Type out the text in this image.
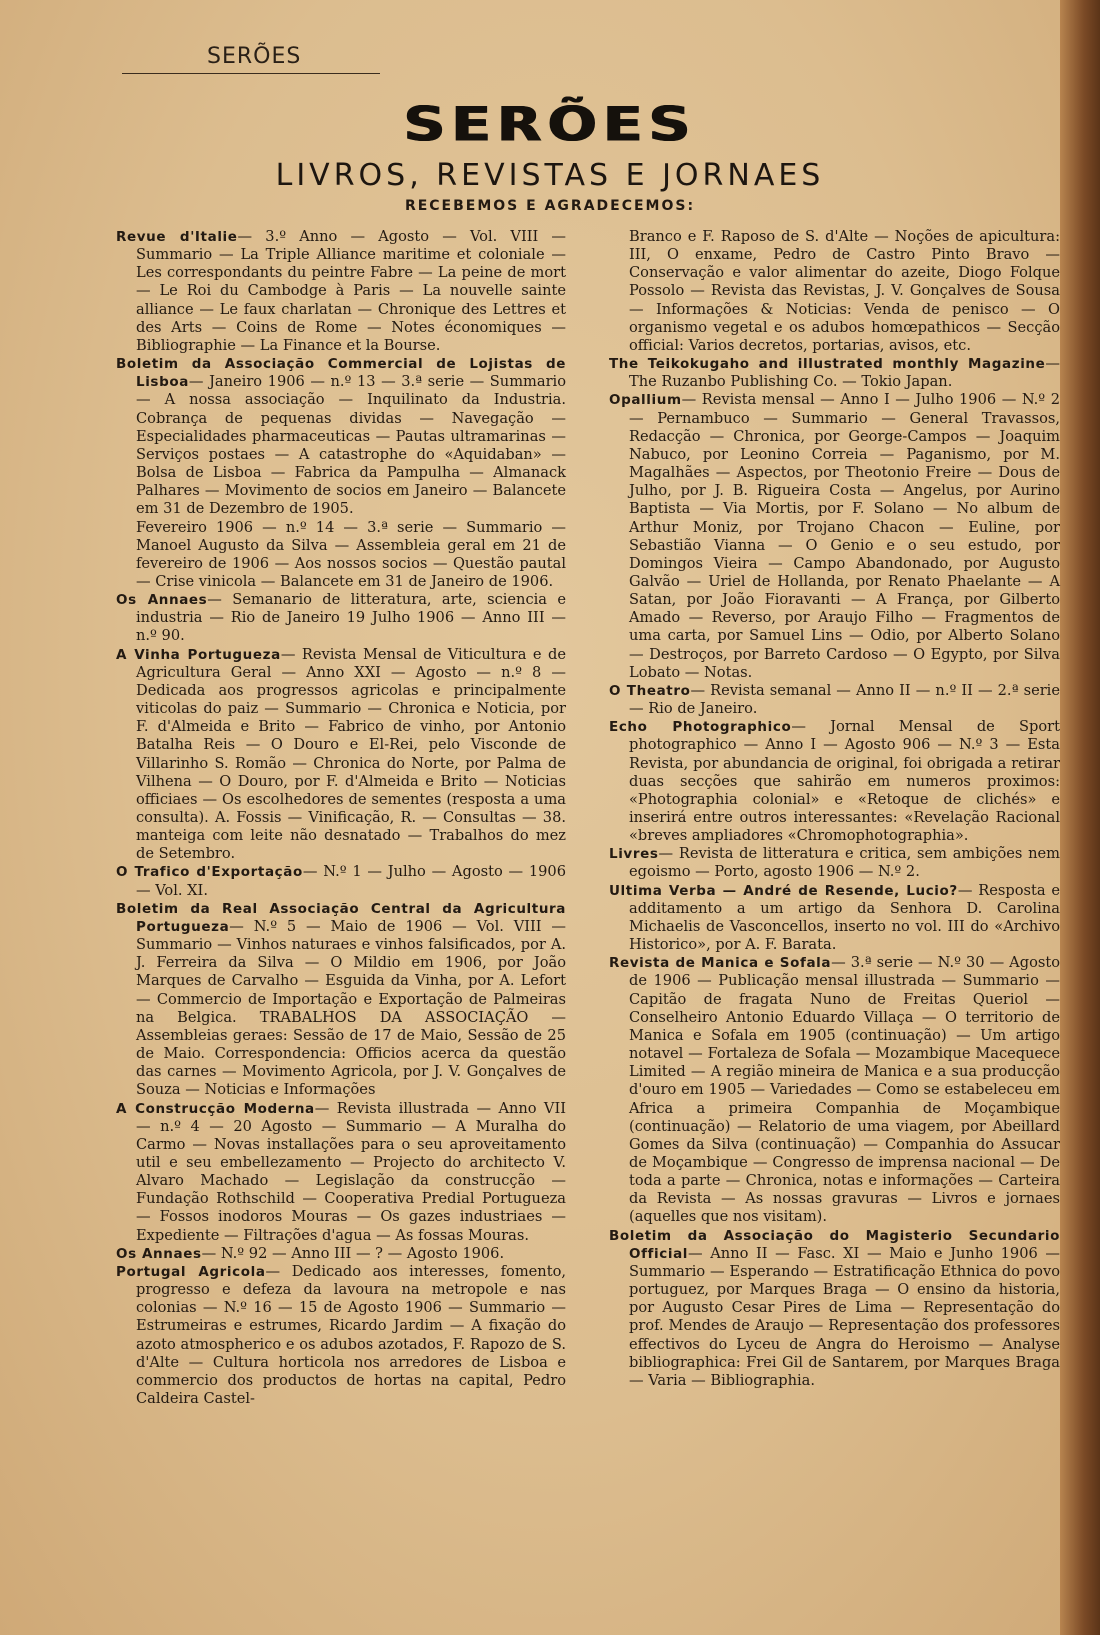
SERÕES
SERÕES
LIVROS, REVISTAS E JORNAES
RECEBEMOS E AGRADECEMOS:

Revue d'Italie— 3.º Anno — Agosto — Vol. VIII — Summario — La Triple Alliance maritime et coloniale — Les correspondants du peintre Fabre — La peine de mort — Le Roi du Cambodge à Paris — La nouvelle sainte alliance — Le faux charlatan — Chronique des Lettres et des Arts — Coins de Rome — Notes économiques — Bibliographie — La Finance et la Bourse.

Boletim da Associação Commercial de Lojistas de Lisboa— Janeiro 1906 — n.º 13 — 3.ª serie — Summario — A nossa associação — Inquilinato da Industria. Cobrança de pequenas dividas — Navegação — Especialidades pharmaceuticas — Pautas ultramarinas — Serviços postaes — A catastrophe do «Aquidaban» — Bolsa de Lisboa — Fabrica da Pampulha — Almanack Palhares — Movimento de socios em Janeiro — Balancete em 31 de Dezembro de 1905.

Fevereiro 1906 — n.º 14 — 3.ª serie — Summario — Manoel Augusto da Silva — Assembleia geral em 21 de fevereiro de 1906 — Aos nossos socios — Questão pautal — Crise vinicola — Balancete em 31 de Janeiro de 1906.

Os Annaes— Semanario de litteratura, arte, sciencia e industria — Rio de Janeiro 19 Julho 1906 — Anno III — n.º 90.

A Vinha Portugueza— Revista Mensal de Viticultura e de Agricultura Geral — Anno XXI — Agosto — n.º 8 — Dedicada aos progressos agricolas e principalmente viticolas do paiz — Summario — Chronica e Noticia, por F. d'Almeida e Brito — Fabrico de vinho, por Antonio Batalha Reis — O Douro e El-Rei, pelo Visconde de Villarinho S. Romão — Chronica do Norte, por Palma de Vilhena — O Douro, por F. d'Almeida e Brito — Noticias officiaes — Os escolhedores de sementes (resposta a uma consulta). A. Fossis — Vinificação, R. — Consultas — 38. manteiga com leite não desnatado — Trabalhos do mez de Setembro.

O Trafico d'Exportação— N.º 1 — Julho — Agosto — 1906 — Vol. XI.

Boletim da Real Associação Central da Agricultura Portugueza— N.º 5 — Maio de 1906 — Vol. VIII — Summario — Vinhos naturaes e vinhos falsificados, por A. J. Ferreira da Silva — O Mildio em 1906, por João Marques de Carvalho — Esguida da Vinha, por A. Lefort — Commercio de Importação e Exportação de Palmeiras na Belgica. TRABALHOS DA ASSOCIAÇÃO — Assembleias geraes: Sessão de 17 de Maio, Sessão de 25 de Maio. Correspondencia: Officios acerca da questão das carnes — Movimento Agricola, por J. V. Gonçalves de Souza — Noticias e Informações

A Construcção Moderna— Revista illustrada — Anno VII — n.º 4 — 20 Agosto — Summario — A Muralha do Carmo — Novas installações para o seu aproveitamento util e seu embellezamento — Projecto do architecto V. Alvaro Machado — Legislação da construcção — Fundação Rothschild — Cooperativa Predial Portugueza — Fossos inodoros Mouras — Os gazes industriaes — Expediente — Filtrações d'agua — As fossas Mouras.

Os Annaes— N.º 92 — Anno III — ? — Agosto 1906.

Portugal Agricola— Dedicado aos interesses, fomento, progresso e defeza da lavoura na metropole e nas colonias — N.º 16 — 15 de Agosto 1906 — Summario — Estrumeiras e estrumes, Ricardo Jardim — A fixação do azoto atmospherico e os adubos azotados, F. Rapozo de S. d'Alte — Cultura horticola nos arredores de Lisboa e commercio dos productos de hortas na capital, Pedro Caldeira Castel-

Branco e F. Raposo de S. d'Alte — Noções de apicultura: III, O enxame, Pedro de Castro Pinto Bravo — Conservação e valor alimentar do azeite, Diogo Folque Possolo — Revista das Revistas, J. V. Gonçalves de Sousa — Informações & Noticias: Venda de penisco — O organismo vegetal e os adubos homœpathicos — Secção official: Varios decretos, portarias, avisos, etc.

The Teikokugaho and illustrated monthly Magazine— The Ruzanbo Publishing Co. — Tokio Japan.

Opallium— Revista mensal — Anno I — Julho 1906 — N.º 2 — Pernambuco — Summario — General Travassos, Redacção — Chronica, por George-Campos — Joaquim Nabuco, por Leonino Correia — Paganismo, por M. Magalhães — Aspectos, por Theotonio Freire — Dous de Julho, por J. B. Rigueira Costa — Angelus, por Aurino Baptista — Via Mortis, por F. Solano — No album de Arthur Moniz, por Trojano Chacon — Euline, por Sebastião Vianna — O Genio e o seu estudo, por Domingos Vieira — Campo Abandonado, por Augusto Galvão — Uriel de Hollanda, por Renato Phaelante — A Satan, por João Fioravanti — A França, por Gilberto Amado — Reverso, por Araujo Filho — Fragmentos de uma carta, por Samuel Lins — Odio, por Alberto Solano — Destroços, por Barreto Cardoso — O Egypto, por Silva Lobato — Notas.

O Theatro— Revista semanal — Anno II — n.º II — 2.ª serie — Rio de Janeiro.

Echo Photographico— Jornal Mensal de Sport photographico — Anno I — Agosto 906 — N.º 3 — Esta Revista, por abundancia de original, foi obrigada a retirar duas secções que sahirão em numeros proximos: «Photographia colonial» e «Retoque de clichés» e inserirá entre outros interessantes: «Revelação Racional «breves ampliadores «Chromophotographia».

Livres— Revista de litteratura e critica, sem ambições nem egoismo — Porto, agosto 1906 — N.º 2.

Ultima Verba — André de Resende, Lucio?— Resposta e additamento a um artigo da Senhora D. Carolina Michaelis de Vasconcellos, inserto no vol. III do «Archivo Historico», por A. F. Barata.

Revista de Manica e Sofala— 3.ª serie — N.º 30 — Agosto de 1906 — Publicação mensal illustrada — Summario — Capitão de fragata Nuno de Freitas Queriol — Conselheiro Antonio Eduardo Villaça — O territorio de Manica e Sofala em 1905 (continuação) — Um artigo notavel — Fortaleza de Sofala — Mozambique Macequece Limited — A região mineira de Manica e a sua producção d'ouro em 1905 — Variedades — Como se estabeleceu em Africa a primeira Companhia de Moçambique (continuação) — Relatorio de uma viagem, por Abeillard Gomes da Silva (continuação) — Companhia do Assucar de Moçambique — Congresso de imprensa nacional — De toda a parte — Chronica, notas e informações — Carteira da Revista — As nossas gravuras — Livros e jornaes (aquelles que nos visitam).

Boletim da Associação do Magisterio Secundario Official— Anno II — Fasc. XI — Maio e Junho 1906 — Summario — Esperando — Estratificação Ethnica do povo portuguez, por Marques Braga — O ensino da historia, por Augusto Cesar Pires de Lima — Representação do prof. Mendes de Araujo — Representação dos professores effectivos do Lyceu de Angra do Heroismo — Analyse bibliographica: Frei Gil de Santarem, por Marques Braga — Varia — Bibliographia.
